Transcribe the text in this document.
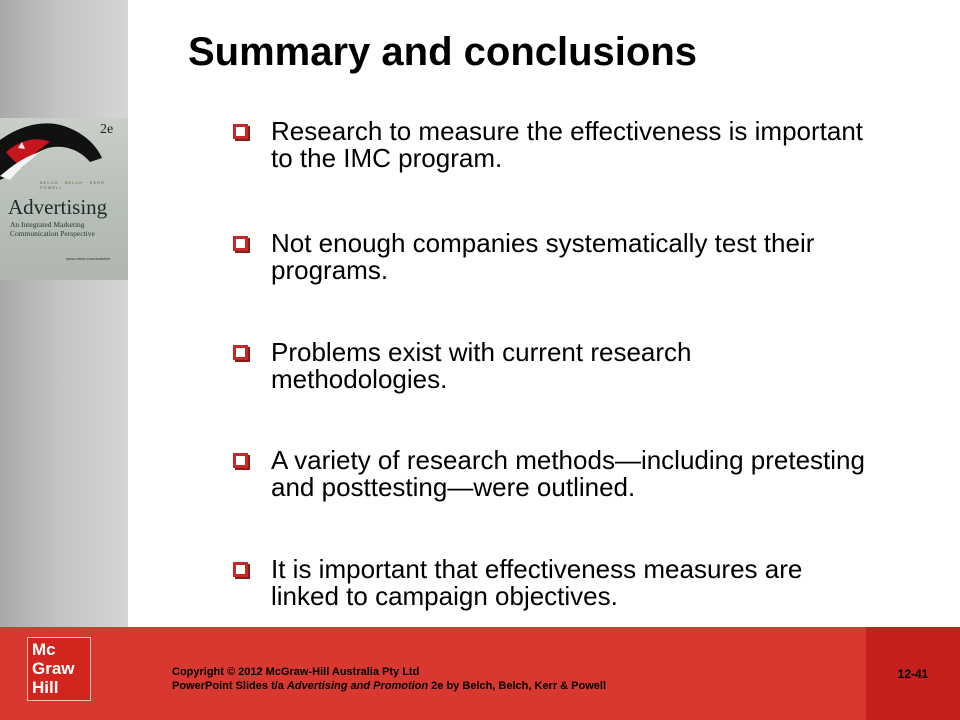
2e
BELCH · BELCH · KERR · POWELL
Advertising
An Integrated Marketing Communication Perspective
www.mhhe.com/au/belch
Summary and conclusions
Research to measure the effectiveness is important to the IMC program.
Not enough companies systematically test their programs.
Problems exist with current research methodologies.
A variety of research methods—including pretesting and posttesting—were outlined.
It is important that effectiveness measures are linked to campaign objectives.
Mc
Graw
Hill
Copyright © 2012 McGraw-Hill Australia Pty Ltd
PowerPoint Slides t/a Advertising and Promotion 2e by Belch, Belch, Kerr & Powell
12-41
